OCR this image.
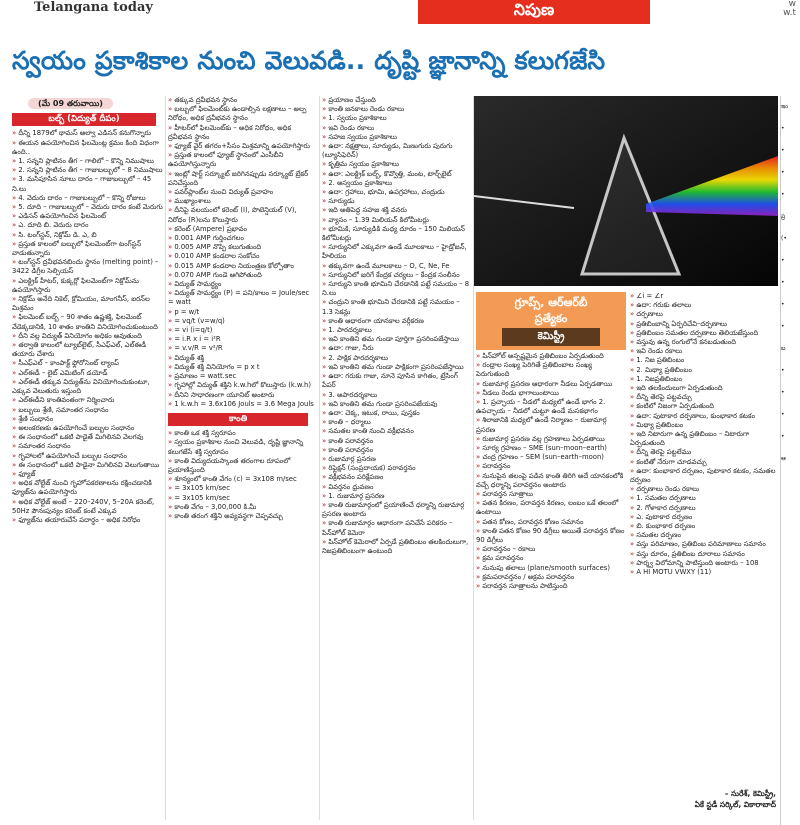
Telangana today	నిపుణ	w
w.t
స్వయం ప్రకాశికాల నుంచి వెలువడి.. దృష్టి జ్ఞానాన్ని కలుగజేసి
(మే 09 తరువాయి)
బల్బ్ (విద్యుత్ దీపం)

» దీన్ని 1879లో థామస్ ఆల్వా ఎడిసన్ కనుగొన్నారు

» ఈయన ఉపయోగించిన ఫిలమెంట్ల క్రమం కింది విధంగా ఉంది..

» 1. సన్నని ప్లాటినం తీగ – గాలిలో – కొన్ని నిముషాలు

» 2. సన్నని ప్లాటినం తీగ – గాజుబల్బులో – 8 నిముషాలు

» 3. మసిపూసిన నూలు దారం – గాజుబల్బులో – 45 ని.లు

» 4. వెదురు దారం – గాజుబల్బులో – కొన్ని రోజులు

» 5. దూది – గాజుబల్బులో – వెదురు దారం కంటే మెరుగు

» ఎడిసన్ ఉపయోగించిన ఫిలమెంట్

» ఎ. దూది బి. వెదురు దారం

» సి. టంగ్‌స్టన్, నిక్రోమ్ డి. ఎ, బి

» ప్రస్తుత కాలంలో బల్బులో ఫిలమెంట్‌గా టంగ్‌స్టన్ వాడుతున్నారు

» టంగ్‌స్టన్ ద్రవీభవనబిందు స్థానం (melting point) – 3422 డిగ్రీల సెల్సియస్

» ఎలక్ట్రిక్ హీటర్, కుక్కర్లో ఫిలమెంట్‌గా నిక్రోమ్‌ను ఉపయోగిస్తారు

» నిక్రోమ్ అనేది నికెల్, క్రోమియం, మాంగనీస్, ఐరన్‌ల మిశ్రమం

» ఫిలమెంట్ బల్బ్ – 90 శాతం ఉష్ణశక్తి, ఫిలమెంట్ వేడెక్కడానికి, 10 శాతం కాంతిని వినియోగించుకుంటుంది

» దీని వల్ల విద్యుత్ వినియోగం అధికం అవుతుంది

» తర్వాతి కాలంలో ట్యూబ్‌లైట్, సీఎఫ్ఎల్, ఎల్ఈడీ తయారు చేశారు

» సీఎఫ్ఎల్ – కాంపాక్ట్ ఫ్లోరోసెంట్ ల్యాంప్

» ఎల్ఈడీ – లైట్ ఎమిటింగ్ డయోడ్

» ఎల్ఈడీ తక్కువ విద్యుత్‌ను వినియోగించుకుంటూ, ఎక్కువ వెలుతురు ఇస్తుంది

» ఎల్ఈడీని కాంతివంతంగా నిర్మించారు

» బల్బులు శ్రేణి, సమాంతర సంధానం

» శ్రేణి సంధానం

» అలంకరణకు ఉపయోగించే బల్బుల సంధానం

» ఈ సంధానంలో ఒకటి పాడైతే మిగిలినవి వెలగవు

» సమాంతర సంధానం

» గృహాలలో ఉపయోగించే బల్బుల సంధానం

» ఈ సంధానంలో ఒకటి పాడైనా మిగిలినవి వెలుగుతాయి

» ఫ్యూజ్

» అధిక వోల్టేజ్ నుంచి గృహోపకరణాలను రక్షించడానికి ఫ్యూజ్‌ను ఉపయోగిస్తారు

» అధిక వోల్టేజ్ అంటే – 220–240V, 5–20A కరెంట్, 50Hz పౌనఃపున్యం కరెంట్ కంటే ఎక్కువ

» ఫ్యూజ్‌ను తయారుచేసే పదార్థం – అధిక నిరోధం

» తక్కువ ద్రవీభవన స్థానం

» బల్బులో ఫిలమెంట్‌కు ఉండాల్సిన లక్షణాలు – అల్ప నిరోధం, అధిక ద్రవీభవన స్థానం

» హీటర్‌లో ఫిలమెంట్‌కు – అధిక నిరోధం, అధిక ద్రవీభవన స్థానం

» ఫ్యూజ్ వైర్ తగరం+సీసం మిశ్రమాన్ని ఉపయోగిస్తారు

» ప్రస్తుత కాలంలో ఫ్యూజ్ స్థానంలో ఎంసీబీని ఉపయోగిస్తున్నారు

» ఇంట్లో షార్ట్ సర్క్యూట్ జరిగినప్పుడు సర్క్యూట్ బ్రేకర్ పనిచేస్తుంది

» పవర్‌ప్లాంట్‌ల నుంచి విద్యుత్ ప్రవాహం

» ముఖ్యాంశాలు

» దీనిపై వలయంలో కరెంట్ (I), పొటెన్షియల్ (V), నిరోధం (R)లను కొలుస్తారు

» కరెంట్ (Ampere) ప్రభావం

» 0.001 AMP గుర్తించగలం

» 0.005 AMP నొప్పి కలుగుతుంది

» 0.010 AMP కండరాల సంకోచం

» 0.015 AMP కండరాల నియంత్రణ కోల్పోతాం

» 0.070 AMP గుండె ఆగిపోతుంది

» విద్యుత్ సామర్థ్యం

» విద్యుత్ సామర్థ్యం (P) = పని/కాలం = Joule/sec = watt

» p = w/t

» = vq/t (v=w/q)

» = vi (i=q/t)

» = i.R x i = i²R

» = v.v/R = v²/R

» విద్యుత్ శక్తి

» విద్యుత్ శక్తి వినియోగం = p x t

» ప్రమాణం = watt.sec

» గృహాల్లో విద్యుత్ శక్తిని k.w.hలో కొలుస్తారు (k.w.h)

» దీనిని సాధారణంగా యూనిట్ అంటారు

» 1 k.w.h = 3.6x106 Jouls = 3.6 Mega Jouls

కాంతి

» కాంతి ఒక శక్తి స్వరూపం

» స్వయం ప్రకాశికాల నుంచి వెలువడి, దృష్టి జ్ఞానాన్ని కలుగజేసే శక్తి స్వరూపం

» కాంతి విద్యుదయస్కాంత తరంగాల రూపంలో ప్రయాణిస్తుంది

» శూన్యంలో కాంతి వేగం (c) = 3x108 m/sec

» = 3x105 km/sec

» = 3x105 km/sec

» కాంతి వేగం – 3,00,000 కి.మీ

» కాంతి తరంగ శక్తిని అవ్యవస్థగా చెప్పవచ్చు

» ప్రయాణం చేస్తుంది

» కాంతి జనకాలు రెండు రకాలు

» 1. స్వయం ప్రకాశికాలు

» ఇవి రెండు రకాలు

» సహజ స్వయం ప్రకాశికాలు

» ఉదా: నక్షత్రాలు, సూర్యుడు, మిణుగురు పురుగు (ల్యూసిఫెరిన్)

» కృత్రిమ స్వయం ప్రకాశికాలు

» ఉదా: ఎలక్ట్రిక్ బల్బ్, కొవ్వొత్తి, మంట, టార్చ్‌లైట్

» 2. అస్వయం ప్రకాశికాలు

» ఉదా: గ్రహాలు, భూమి, ఉపగ్రహాలు, చంద్రుడు

» సూర్యుడు

» ఇది అతిపెద్ద సహజ శక్తి వనరు

» వ్యాసం – 1.39 మిలియన్ కిలోమీటర్లు

» భూమికి, సూర్యుడికి మధ్య దూరం – 150 మిలియన్ కిలోమీటర్లు

» సూర్యునిలో ఎక్కువగా ఉండే మూలకాలు – హైడ్రోజన్, హీలియం

» తక్కువగా ఉండే మూలకాలు – O, C, Ne, Fe

» సూర్యునిలో జరిగే కేంద్రక చర్యలు – కేంద్రక సంలీనం

» సూర్యుని కాంతి భూమిని చేరడానికి పట్టే సమయం – 8 ని.లు

» చంద్రుని కాంతి భూమిని చేరడానికి పట్టే సమయం – 1.3 సెకన్లు

» కాంతి ఆధారంగా యానకాల వర్గీకరణ

» 1. పారదర్శకాలు

» ఇవి కాంతిని తమ గుండా పూర్తిగా ప్రసరింపజేస్తాయి

» ఉదా: గాజు, నీరు

» 2. పాక్షిక పారదర్శకాలు

» ఇవి కాంతిని తమ గుండా పాక్షికంగా ప్రసరింపజేస్తాయి

» ఉదా: గరుకు గాజు, నూనె పూసిన కాగితం, ట్రేసింగ్ పేపర్

» 3. అపారదర్శకాలు

» ఇవి కాంతిని తమ గుండా ప్రసరింపజేయవు

» ఉదా: చెక్క, ఇటుక, రాయి, పుస్తకం

» కాంతి – ధర్మాలు

» సమతల కాంతి నుంచి వక్రీభవనం

» కాంతి పరావర్తనం

» కాంతి పరావర్తనం

» రుజుమార్గ ప్రసరణ

» రిఫ్లెక్షన్ (సంప్రదాయక) పరావర్తనం

» వక్రీభవనం పరిక్షేపణం

» వివర్తనం ధ్రువణం

» 1. రుజుమార్గ ప్రసరణ

» కాంతి రుజుమార్గంలో ప్రయాణించే ధర్మాన్ని రుజుమార్గ ప్రసరణ అంటారు

» కాంతి రుజుమార్గం ఆధారంగా పనిచేసే పరికరం – పిన్‌హోల్ కెమెరా

» పిన్‌హోల్ కెమెరాలో ఏర్పడే ప్రతిబింబం తలకిందులుగా, నిజప్రతిబింబంగా ఉంటుంది

గ్రూప్స్, ఆర్ఆర్‌బీ
ప్రత్యేకం
కెమిస్ట్రీ

» పిన్‌హోల్ అస్పష్టమైన ప్రతిబింబం ఏర్పడుతుంది

» రంధ్రాల సంఖ్య పెరిగితే ప్రతిబింబాల సంఖ్య పెరుగుతుంది

» రుజుమార్గ ప్రసరణ ఆధారంగా నీడలు ఏర్పడతాయి

» నీడలు రెండు భాగాలుంటాయి

» 1. ప్రచ్ఛాయ – నీడలో మధ్యలో ఉండే భాగం 2. ఉపచ్ఛాయ – నీడలో చుట్టూ ఉండే మసకభాగం

» శిలాజానికి మధ్యలో ఉండే నిర్మాణం – రుజుమార్గ ప్రసరణ

» రుజుమార్గ ప్రసరణ వల్ల గ్రహణాలు ఏర్పడతాయి

» సూర్య గ్రహణం – SME (sun–moon–earth)

» చంద్ర గ్రహణం – SEM (sun–earth–moon)

» పరావర్తనం

» నునుపైన తలంపై పడిన కాంతి తిరిగి అదే యానకంలోకి వచ్చే ధర్మాన్ని పరావర్తనం అంటారు

» పరావర్తన సూత్రాలు

» పతన కిరణం, పరావర్తన కిరణం, లంబం ఒకే తలంలో ఉంటాయి

» పతన కోణం, పరావర్తన కోణం సమానం

» కాంతి పతన కోణం 90 డిగ్రీలు అయితే పరావర్తన కోణం 90 డిగ్రీలు

» పరావర్తనం – రకాలు

» క్రమ పరావర్తనం

» నునుపు తలాలు (plane/smooth surfaces)

» క్రమపరావర్తనం / అక్రమ పరావర్తనం

» పరావర్తన సూత్రాలను పాటిస్తుంది

» ∠i = ∠r

» ఉదా: గరుకు తలాలు

» దర్పణాలు

» ప్రతిబింబాన్ని ఏర్పరిచేవి–దర్పణాలు

» ప్రతిబింబం సమతల దర్పణాలు తెలియజేస్తుంది

» వస్తువు ఉన్న రంగులోనే కనబడుతుంది

» ఇవి రెండు రకాలు

» 1. నిజ ప్రతిబింబం

» 2. మిథ్యా ప్రతిబింబం

» 1. నిజప్రతిబింబం

» ఇది తలకిందులుగా ఏర్పడుతుంది

» దీన్ని తెరపై పట్టవచ్చు

» కంటిలో నిజంగా ఏర్పడుతుంది

» ఉదా: పుటాకార దర్పణాలు, కుంభాకార కటకం

» మిథ్యా ప్రతిబింబం

» ఇది నిటారుగా ఉన్న ప్రతిబింబం – నిటారుగా ఏర్పడుతుంది

» దీన్ని తెరపై పట్టలేము

» కంటితో నేరుగా చూడవచ్చు

» ఉదా: కుంభాకార దర్పణం, పుటాకార కటకం, సమతల దర్పణం

» దర్పణాలు రెండు రకాలు

» 1. సమతల దర్పణాలు

» 2. గోళాకార దర్పణాలు

» ఎ. పుటాకార దర్పణం

» బి. కుంభాకార దర్పణం

» సమతల దర్పణం

» వస్తు పరిమాణం, ప్రతిబింబ పరిమాణాలు సమానం

» వస్తు దూరం, ప్రతిబింబ దూరాలు సమానం

» పార్శ్వ విలోమాన్ని పాటిస్తుంది అంటారు – 108

» A HI MOTU VWXY (11)

– సురేశ్, కెమిస్ట్రీ,
ఏకే స్టడీ సర్కిల్, వికారాబాద్
ఇం
•
•
•
•
ప్ర
(•
•
•
•
•
బ
•
•
•
•
ఆ
